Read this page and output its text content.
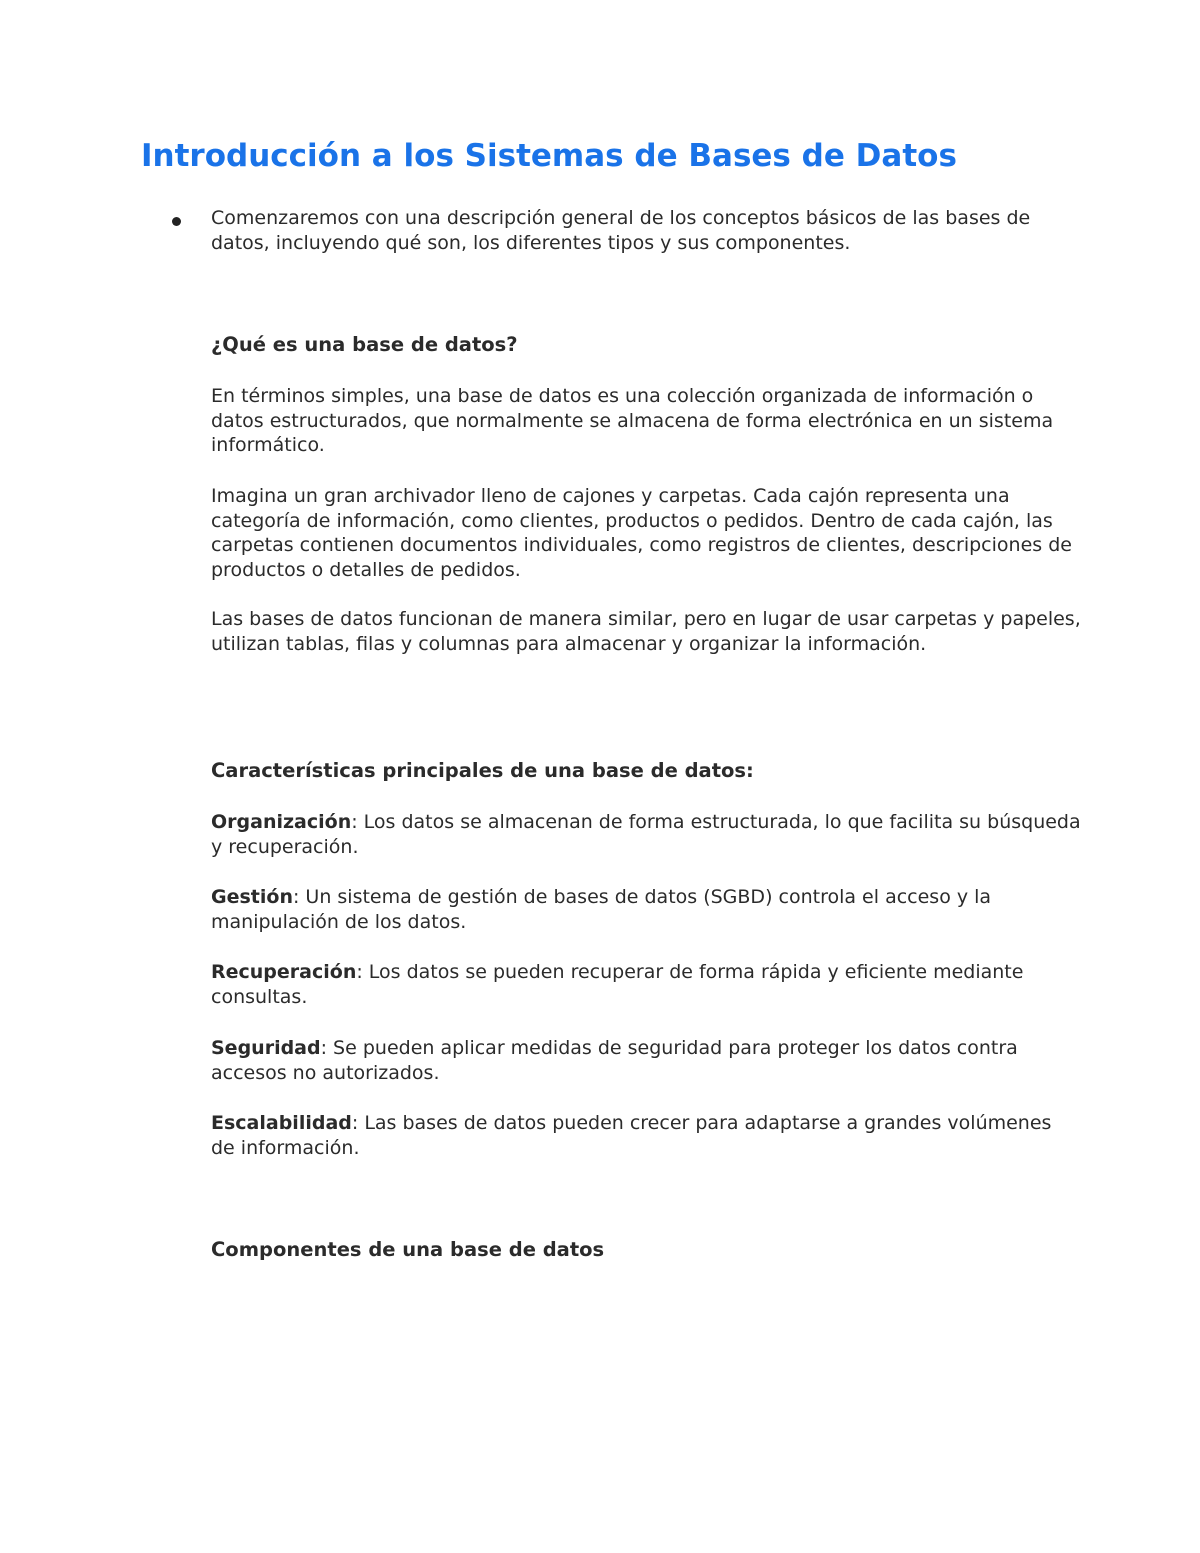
Introducción a los Sistemas de Bases de Datos

Comenzaremos con una descripción general de los conceptos básicos de las bases de datos, incluyendo qué son, los diferentes tipos y sus componentes.

¿Qué es una base de datos?

En términos simples, una base de datos es una colección organizada de información o datos estructurados, que normalmente se almacena de forma electrónica en un sistema informático.

Imagina un gran archivador lleno de cajones y carpetas. Cada cajón representa una categoría de información, como clientes, productos o pedidos. Dentro de cada cajón, las carpetas contienen documentos individuales, como registros de clientes, descripciones de productos o detalles de pedidos.

Las bases de datos funcionan de manera similar, pero en lugar de usar carpetas y papeles, utilizan tablas, filas y columnas para almacenar y organizar la información.

Características principales de una base de datos:

Organización: Los datos se almacenan de forma estructurada, lo que facilita su búsqueda y recuperación.

Gestión: Un sistema de gestión de bases de datos (SGBD) controla el acceso y la manipulación de los datos.

Recuperación: Los datos se pueden recuperar de forma rápida y eficiente mediante consultas.

Seguridad: Se pueden aplicar medidas de seguridad para proteger los datos contra accesos no autorizados.

Escalabilidad: Las bases de datos pueden crecer para adaptarse a grandes volúmenes de información.

Componentes de una base de datos
